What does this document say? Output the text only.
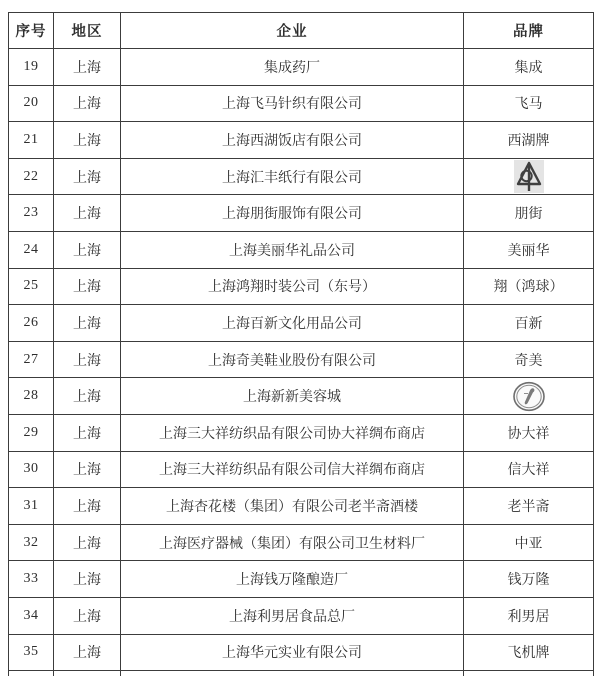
序号	地区	企业	品牌
19	上海	集成药厂	集成
20	上海	上海飞马针织有限公司	飞马
21	上海	上海西湖饭店有限公司	西湖牌
22	上海	上海汇丰纸行有限公司	

23	上海	上海朋街服饰有限公司	朋街
24	上海	上海美丽华礼品公司	美丽华
25	上海	上海鸿翔时装公司（东号）	翔（鸿球）
26	上海	上海百新文化用品公司	百新
27	上海	上海奇美鞋业股份有限公司	奇美
28	上海	上海新新美容城	

29	上海	上海三大祥纺织品有限公司协大祥绸布商店	协大祥
30	上海	上海三大祥纺织品有限公司信大祥绸布商店	信大祥
31	上海	上海杏花楼（集团）有限公司老半斋酒楼	老半斋
32	上海	上海医疗器械（集团）有限公司卫生材料厂	中亚
33	上海	上海钱万隆酿造厂	钱万隆
34	上海	上海利男居食品总厂	利男居
35	上海	上海华元实业有限公司	飞机牌
